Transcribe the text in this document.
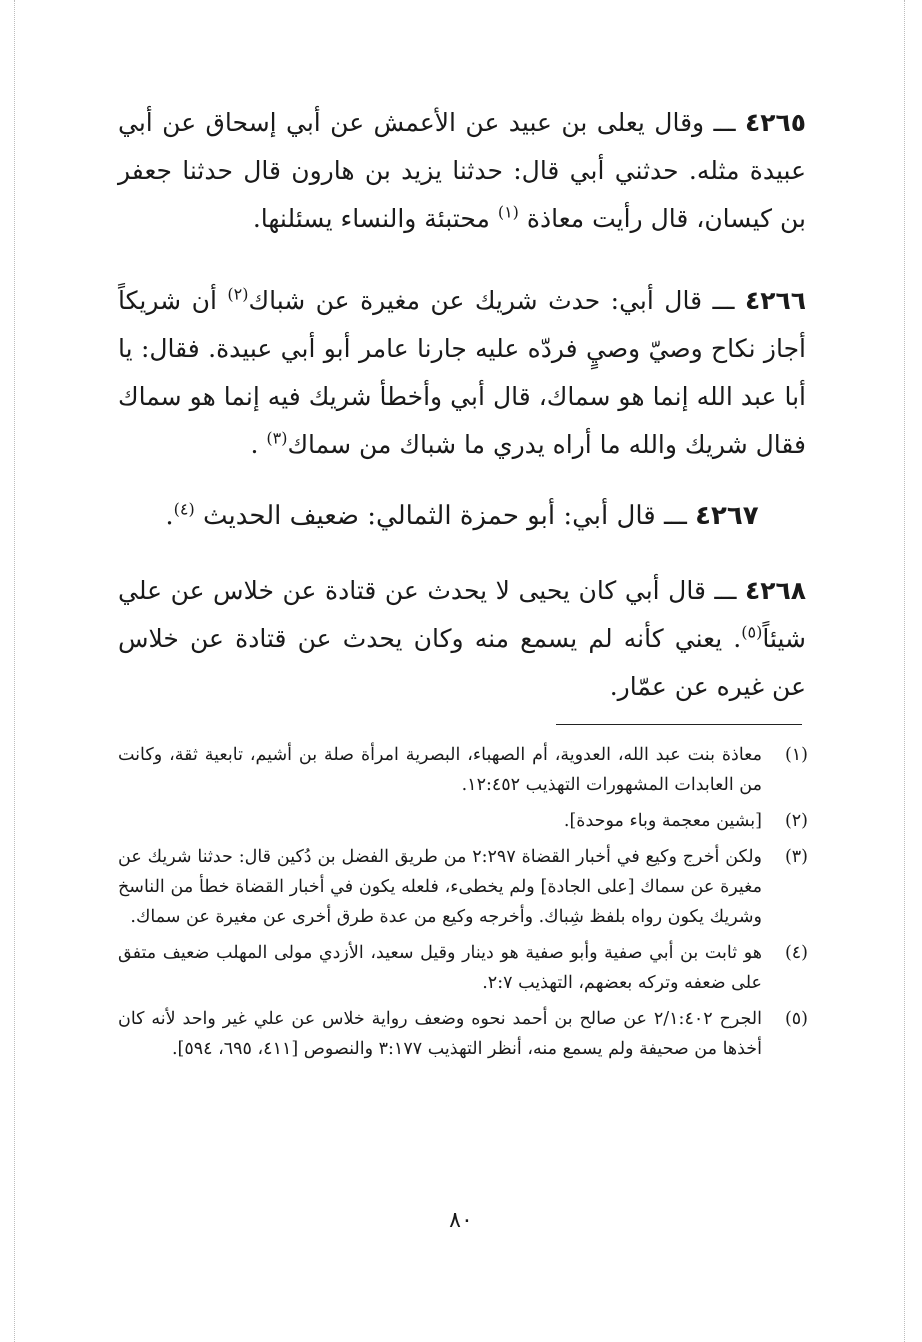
٤٢٦٥ ـــ وقال يعلى بن عبيد عن الأعمش عن أبي إسحاق عن أبي عبيدة مثله. حدثني أبي قال: حدثنا يزيد بن هارون قال حدثنا جعفر بن كيسان، قال رأيت معاذة $^{(١)}$ محتبئة والنساء يسئلنها.

٤٢٦٦ ـــ قال أبي: حدث شريك عن مغيرة عن شباك$^{(٢)}$ أن شريكاً أجاز نكاح وصيّ وصيٍ فردّه عليه جارنا عامر أبو أبي عبيدة. فقال: يا أبا عبد الله إنما هو سماك، قال أبي وأخطأ شريك فيه إنما هو سماك فقال شريك والله ما أراه يدري ما شباك من سماك$^{(٣)}$ .

٤٢٦٧ ـــ قال أبي: أبو حمزة الثمالي: ضعيف الحديث $^{(٤)}$.

٤٢٦٨ ـــ قال أبي كان يحيى لا يحدث عن قتادة عن خلاس عن علي شيئاً$^{(٥)}$. يعني كأنه لم يسمع منه وكان يحدث عن قتادة عن خلاس عن غيره عن عمّار.

(١)
معاذة بنت عبد الله، العدوية، أم الصهباء، البصرية امرأة صلة بن أشيم، تابعية ثقة، وكانت من العابدات المشهورات التهذيب ١٢:٤٥٢.
(٢)
[بشين معجمة وباء موحدة].
(٣)
ولكن أخرج وكيع في أخبار القضاة ٢:٢٩٧ من طريق الفضل بن دُكين قال: حدثنا شريك عن مغيرة عن سماك [على الجادة] ولم يخطىء، فلعله يكون في أخبار القضاة خطأ من الناسخ وشريك يكون رواه بلفظ شِباك. وأخرجه وكيع من عدة طرق أخرى عن مغيرة عن سماك.
(٤)
هو ثابت بن أبي صفية وأبو صفية هو دينار وقيل سعيد، الأزدي مولى المهلب ضعيف متفق على ضعفه وتركه بعضهم، التهذيب ٢:٧.
(٥)
الجرح ٢/١:٤٠٢ عن صالح بن أحمد نحوه وضعف رواية خلاس عن علي غير واحد لأنه كان أخذها من صحيفة ولم يسمع منه، أنظر التهذيب ٣:١٧٧ والنصوص [٤١١، ٦٩٥، ٥٩٤].
٨٠
